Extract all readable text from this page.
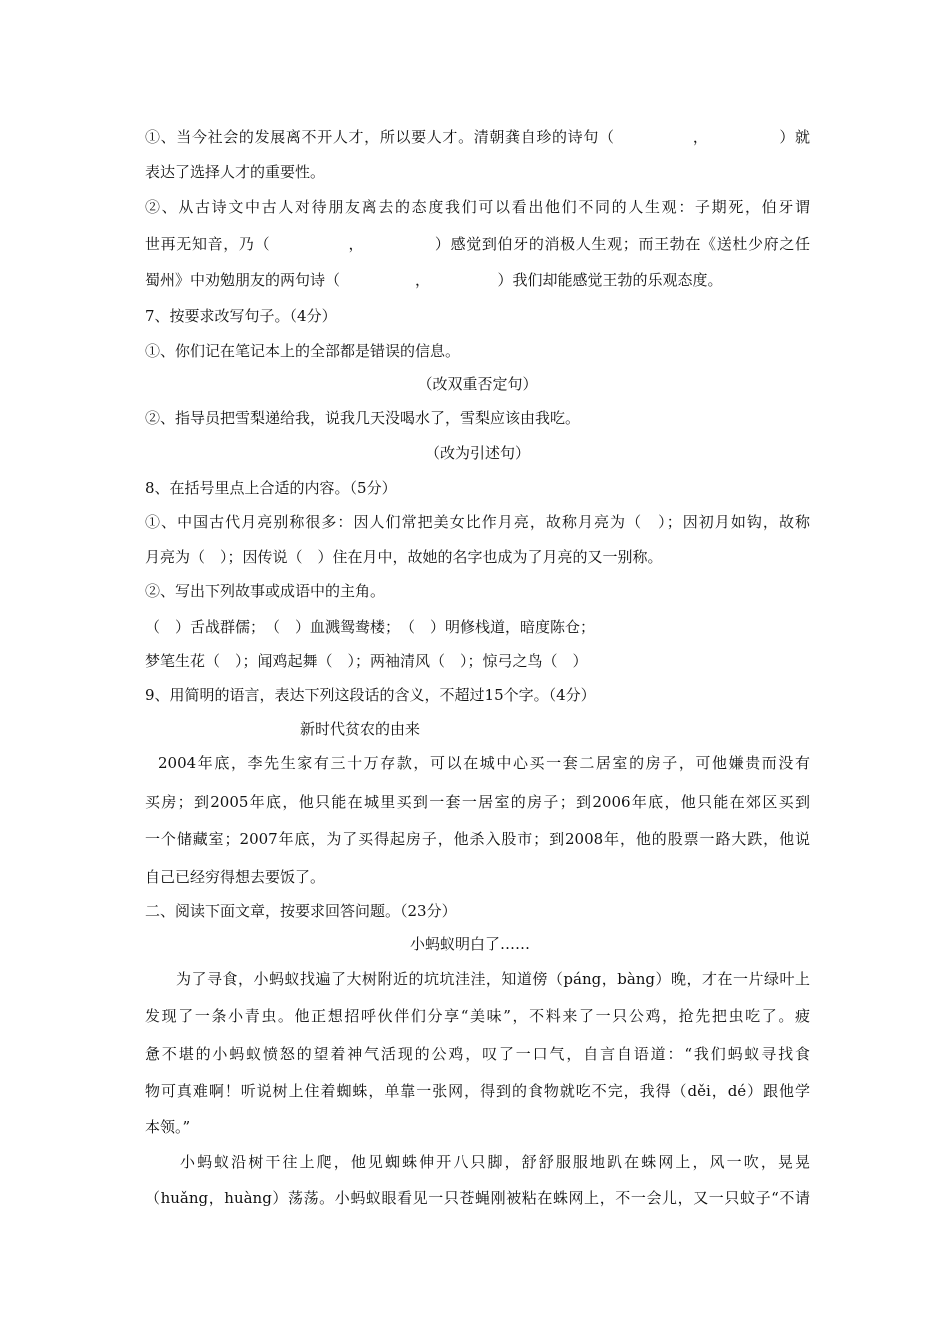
①、当今社会的发展离不开人才，所以要人才。清朝龚自珍的诗句（　　　　　，　　　　　）就
表达了选择人才的重要性。
②、从古诗文中古人对待朋友离去的态度我们可以看出他们不同的人生观：子期死，伯牙谓
世再无知音，乃（　　　　　，　　　　　）感觉到伯牙的消极人生观；而王勃在《送杜少府之任
蜀州》中劝勉朋友的两句诗（　　　　　，　　　　　）我们却能感觉王勃的乐观态度。
7、按要求改写句子。（4分）
①、你们记在笔记本上的全部都是错误的信息。
（改双重否定句）
②、指导员把雪梨递给我，说我几天没喝水了，雪梨应该由我吃。
（改为引述句）
8、在括号里点上合适的内容。（5分）
①、中国古代月亮别称很多：因人们常把美女比作月亮，故称月亮为（　）；因初月如钩，故称
月亮为（　）；因传说（　）住在月中，故她的名字也成为了月亮的又一别称。
②、写出下列故事或成语中的主角。
（　）舌战群儒；　（　）血溅鸳鸯楼；　（　）明修栈道，暗度陈仓；
梦笔生花（　）；闻鸡起舞（　）；两袖清风（　）；惊弓之鸟（　）
9、用简明的语言，表达下列这段话的含义，不超过15个字。（4分）
新时代贫农的由来
2004年底，李先生家有三十万存款，可以在城中心买一套二居室的房子，可他嫌贵而没有
买房；到2005年底，他只能在城里买到一套一居室的房子；到2006年底，他只能在郊区买到
一个储藏室；2007年底，为了买得起房子，他杀入股市；到2008年，他的股票一路大跌，他说
自己已经穷得想去要饭了。
二、阅读下面文章，按要求回答问题。（23分）
小蚂蚁明白了……
为了寻食，小蚂蚁找遍了大树附近的坑坑洼洼，知道傍（páng，bàng）晚，才在一片绿叶上
发现了一条小青虫。他正想招呼伙伴们分享“美味”，不料来了一只公鸡，抢先把虫吃了。疲
惫不堪的小蚂蚁愤怒的望着神气活现的公鸡，叹了一口气，自言自语道：“我们蚂蚁寻找食
物可真难啊！听说树上住着蜘蛛，单靠一张网，得到的食物就吃不完，我得（děi，dé）跟他学
本领。”
小蚂蚁沿树干往上爬，他见蜘蛛伸开八只脚，舒舒服服地趴在蛛网上，风一吹，晃晃
（huǎng，huàng）荡荡。小蚂蚁眼看见一只苍蝇刚被粘在蛛网上，不一会儿，又一只蚊子“不请
